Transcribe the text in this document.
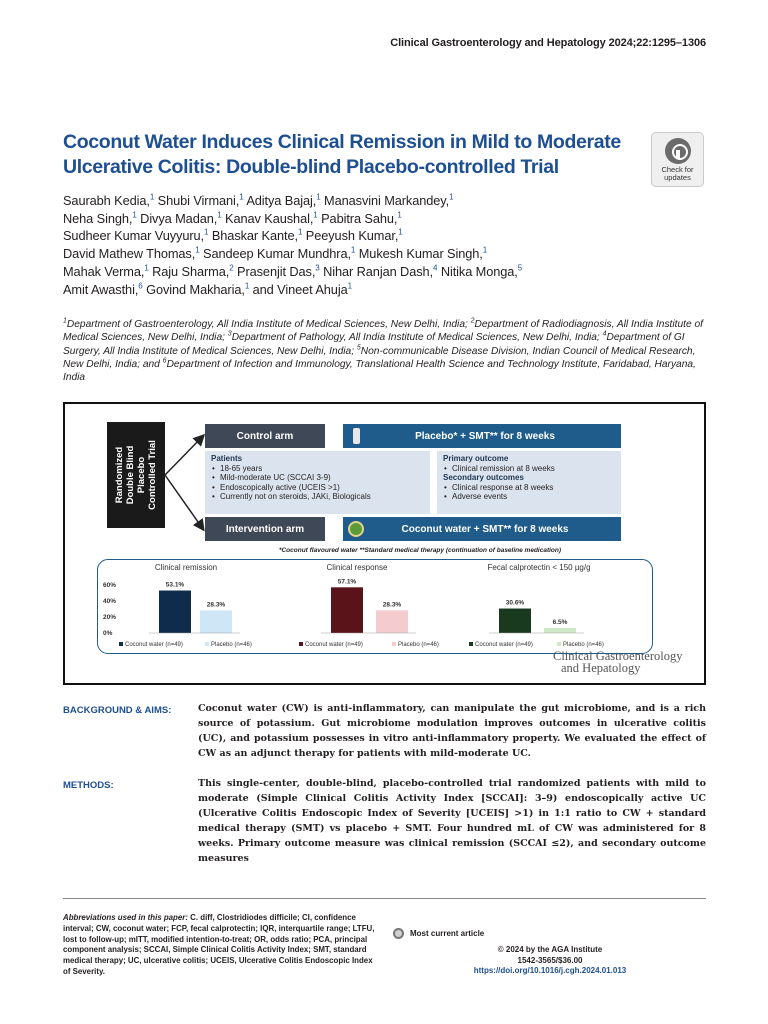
Clinical Gastroenterology and Hepatology 2024;22:1295–1306
Coconut Water Induces Clinical Remission in Mild to Moderate Ulcerative Colitis: Double-blind Placebo-controlled Trial	Check for
updates
Saurabh Kedia,$^1$ Shubi Virmani,$^1$ Aditya Bajaj,$^1$ Manasvini Markandey,$^1$
Neha Singh,$^1$ Divya Madan,$^1$ Kanav Kaushal,$^1$ Pabitra Sahu,$^1$
Sudheer Kumar Vuyyuru,$^1$ Bhaskar Kante,$^1$ Peeyush Kumar,$^1$
David Mathew Thomas,$^1$ Sandeep Kumar Mundhra,$^1$ Mukesh Kumar Singh,$^1$
Mahak Verma,$^1$ Raju Sharma,$^2$ Prasenjit Das,$^3$ Nihar Ranjan Dash,$^4$ Nitika Monga,$^5$
Amit Awasthi,$^6$ Govind Makharia,$^1$ and Vineet Ahuja$^1$
$^1$Department of Gastroenterology, All India Institute of Medical Sciences, New Delhi, India; $^2$Department of Radiodiagnosis, All India Institute of Medical Sciences, New Delhi, India; $^3$Department of Pathology, All India Institute of Medical Sciences, New Delhi, India; $^4$Department of GI Surgery, All India Institute of Medical Sciences, New Delhi, India; $^5$Non-communicable Disease Division, Indian Council of Medical Research, New Delhi, India; and $^6$Department of Infection and Immunology, Translational Health Science and Technology Institute, Faridabad, Haryana, India
Randomized Double Blind Placebo Controlled Trial
Control arm
Intervention arm
Placebo* + SMT** for 8 weeks
Coconut water + SMT** for 8 weeks
Patients
• 18-65 years
• Mild-moderate UC (SCCAI 3-9)
• Endoscopically active (UCEIS >1)
• Currently not on steroids, JAKi, Biologicals
Primary outcome
• Clinical remission at 8 weeks
Secondary outcomes
• Clinical response at 8 weeks
• Adverse events
*Coconut flavoured water **Standard medical therapy (continuation of baseline medication)
60%
40%
20%
0%
Clinical remission
53.1%
28.3%
Coconut water (n=49)	Placebo (n=46)
Clinical response
57.1%
28.3%
Coconut water (n=49)	Placebo (n=46)
Fecal calprotectin < 150 µg/g
30.6%
6.5%
Coconut water (n=49)	Placebo (n=46)
Clinical Gastroenterology
and Hepatology
BACKGROUND & AIMS:	Coconut water (CW) is anti-inflammatory, can manipulate the gut microbiome, and is a rich source of potassium. Gut microbiome modulation improves outcomes in ulcerative colitis (UC), and potassium possesses in vitro anti-inflammatory property. We evaluated the effect of CW as an adjunct therapy for patients with mild-moderate UC.
METHODS:	This single-center, double-blind, placebo-controlled trial randomized patients with mild to moderate (Simple Clinical Colitis Activity Index [SCCAI]: 3–9) endoscopically active UC (Ulcerative Colitis Endoscopic Index of Severity [UCEIS] >1) in 1:1 ratio to CW + standard medical therapy (SMT) vs placebo + SMT. Four hundred mL of CW was administered for 8 weeks. Primary outcome measure was clinical remission (SCCAI ≤2), and secondary outcome measures
Abbreviations used in this paper: C. diff, Clostridiodes difficile; CI, confidence interval; CW, coconut water; FCP, fecal calprotectin; IQR, interquartile range; LTFU, lost to follow-up; mITT, modified intention-to-treat; OR, odds ratio; PCA, principal component analysis; SCCAI, Simple Clinical Colitis Activity Index; SMT, standard medical therapy; UC, ulcerative colitis; UCEIS, Ulcerative Colitis Endoscopic Index of Severity.
Most current article
© 2024 by the AGA Institute
1542-3565/$36.00
https://doi.org/10.1016/j.cgh.2024.01.013
